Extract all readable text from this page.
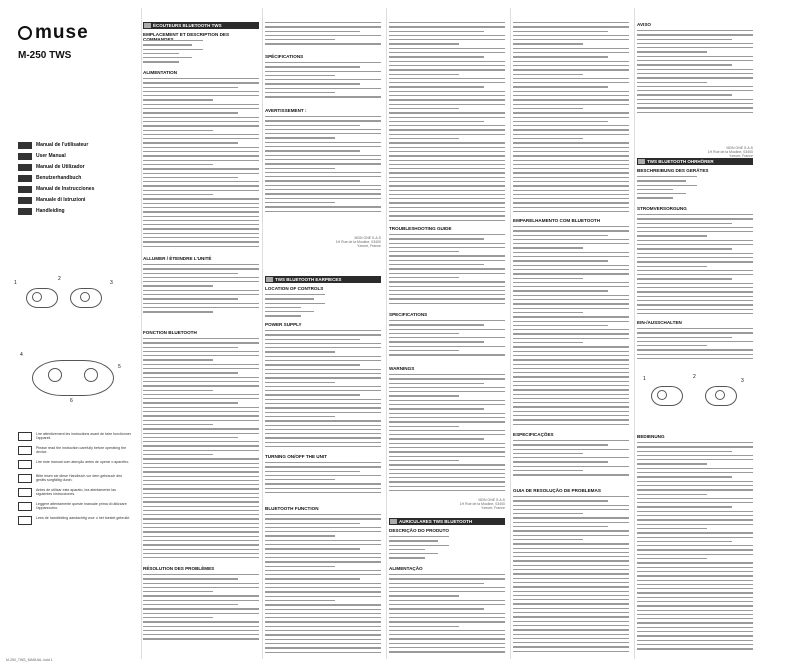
muse
M-250 TWS
Manual de l'utilisateur
User Manual
Manual de Utilizador
Benutzerhandbuch
Manual de Instrucciones
Manuale di Istruzioni
Handleiding
1
2
3
4
5
6
Lire attentivement les instructions avant de faire fonctionner l'appareil.
Please read the instruction carefully before operating the device.
Lire este manual com atenção antes de operar o aparelho.
Bitte lesen sie diese Handbuch vor dem gebrauch des geräts sorgfältig durch.
Antes de utilizar este aparato, lea atentamente las siguientes instrucciones.
Leggere attentamente queste manuale prima di utilizzare l'apparecchio.
Lees de handleiding aandachtig voor u het toestel gebruikt.
ÉCOUTEURS BLUETOOTH TWS
EMPLACEMENT ET DESCRIPTION DES
ALIMENTATION
ALLUMER / ÉTEINDRE L'UNITÉ
FONCTION BLUETOOTH
RÉSOLUTION DES PROBLÈMES
SPÉCIFICATIONS
AVERTISSEMENT :
MDN ONE S.A.S
1H Rue de la Mouline, 03400 Yzeure, France
TWS BLUETOOTH EARPIECES
LOCATION OF CONTROLS
POWER SUPPLY
TURNING ON/OFF THE UNIT
BLUETOOTH FUNCTION
TROUBLESHOOTING GUIDE
SPECIFICATIONS
WARNINGS
MDN ONE S.A.S
1H Rue de la Mouline, 03400 Yzeure, France
AURICULARES TWS BLUETOOTH
DESCRIÇÃO DO PRODUTO
ALIMENTAÇÃO
EMPARELHAMENTO COM BLUETOOTH
ESPECIFICAÇÕES
GUIA DE RESOLUÇÃO DE PROBLEMAS
AVISO
MDN ONE S.A.S
1H Rue de la Mouline, 03400 Yzeure, France
TWS BLUETOOTH OHRHÖRER
BESCHREIBUNG DES GERÄTES
STROMVERSORGUNG
EIN-/AUSSCHALTEN
1	2
3
BEDIENUNG
M-250_TWS_MANUAL.indd 1
